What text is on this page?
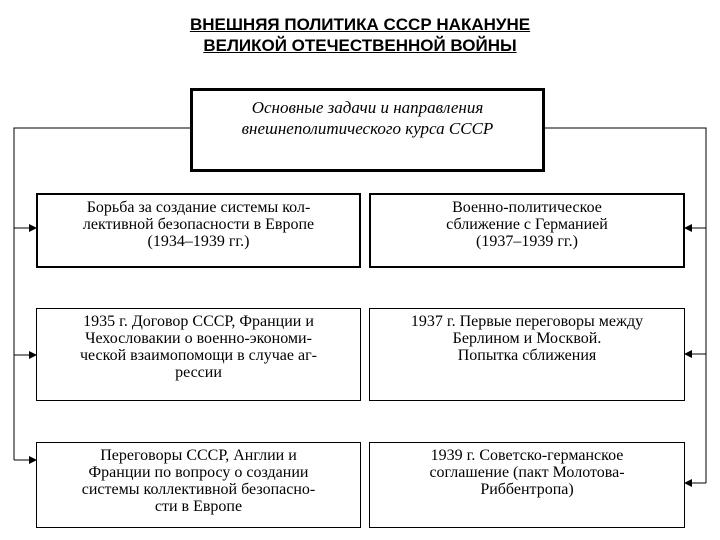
ВНЕШНЯЯ ПОЛИТИКА СССР НАКАНУНЕ
ВЕЛИКОЙ ОТЕЧЕСТВЕННОЙ ВОЙНЫ
Основные задачи и направления
внешнеполитического курса СССР
Борьба за создание системы кол-
лективной безопасности в Европе
(1934–1939 гг.)
1935 г. Договор СССР, Франции и
Чехословакии о военно-экономи-
ческой взаимопомощи в случае аг-
рессии
Переговоры СССР, Англии и
Франции по вопросу о создании
системы коллективной безопасно-
сти в Европе
Военно-политическое
сближение с Германией
(1937–1939 гг.)
1937 г. Первые переговоры между
Берлином и Москвой.
Попытка сближения
1939 г. Советско-германское
соглашение (пакт Молотова-
Риббентропа)
